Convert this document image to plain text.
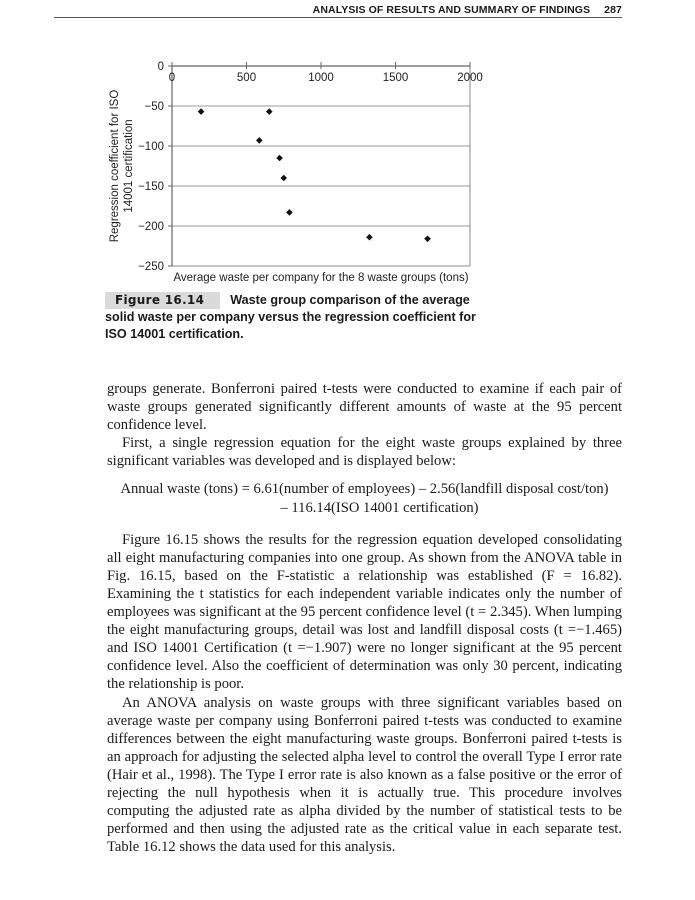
ANALYSIS OF RESULTS AND SUMMARY OF FINDINGS 287
0
−50
−100
−150
−200
−250
0	500	1000	1500	2000
Average waste per company for the 8 waste groups (tons)
Regression coefficient for ISO 14001 certification
Figure 16.14 Waste group comparison of the average solid waste per company versus the regression coefficient for ISO 14001 certification.

groups generate. Bonferroni paired t-tests were conducted to examine if each pair of waste groups generated significantly different amounts of waste at the 95 percent confidence level.

First, a single regression equation for the eight waste groups explained by three significant variables was developed and is displayed below:

Annual waste (tons) = 6.61(number of employees) – 2.56(landfill disposal cost/ton)
– 116.14(ISO 14001 certification)

Figure 16.15 shows the results for the regression equation developed consolidating all eight manufacturing companies into one group. As shown from the ANOVA table in Fig. 16.15, based on the F-statistic a relationship was established (F = 16.82). Examining the t statistics for each independent variable indicates only the number of employees was significant at the 95 percent confidence level (t = 2.345). When lumping the eight manufacturing groups, detail was lost and landfill disposal costs (t =−1.465) and ISO 14001 Certification (t =−1.907) were no longer significant at the 95 percent confidence level. Also the coefficient of determination was only 30 percent, indicating the relationship is poor.

An ANOVA analysis on waste groups with three significant variables based on average waste per company using Bonferroni paired t-tests was conducted to examine differences between the eight manufacturing waste groups. Bonferroni paired t-tests is an approach for adjusting the selected alpha level to control the overall Type I error rate (Hair et al., 1998). The Type I error rate is also known as a false positive or the error of rejecting the null hypothesis when it is actually true. This procedure involves computing the adjusted rate as alpha divided by the number of statistical tests to be performed and then using the adjusted rate as the critical value in each separate test. Table 16.12 shows the data used for this analysis.
